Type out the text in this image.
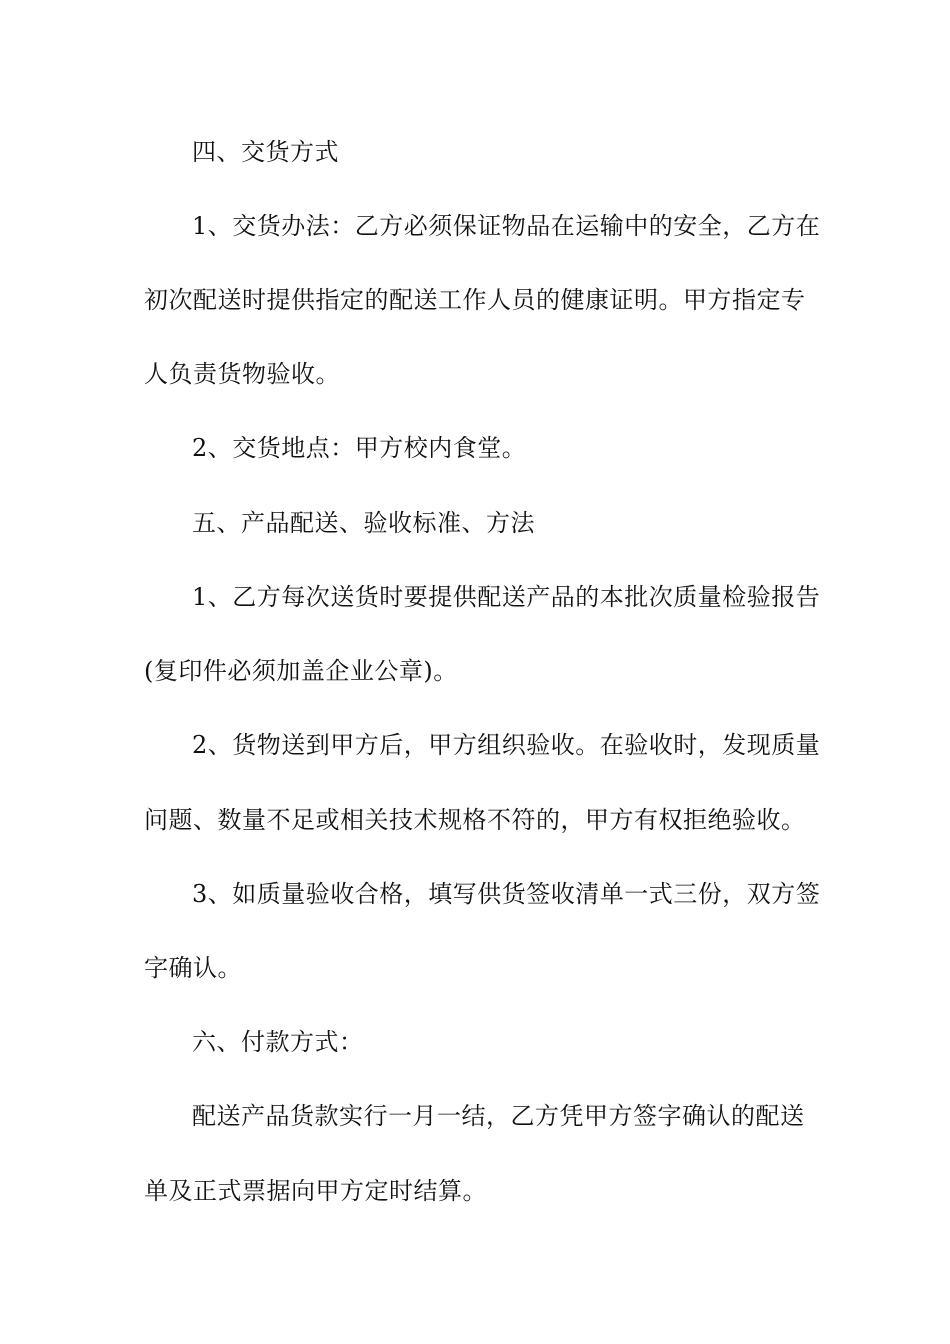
四、交货方式
1、交货办法：乙方必须保证物品在运输中的安全，乙方在
初次配送时提供指定的配送工作人员的健康证明。甲方指定专
人负责货物验收。
2、交货地点：甲方校内食堂。
五、产品配送、验收标准、方法
1、乙方每次送货时要提供配送产品的本批次质量检验报告
(复印件必须加盖企业公章)。
2、货物送到甲方后，甲方组织验收。在验收时，发现质量
问题、数量不足或相关技术规格不符的，甲方有权拒绝验收。
3、如质量验收合格，填写供货签收清单一式三份，双方签
字确认。
六、付款方式：
配送产品货款实行一月一结，乙方凭甲方签字确认的配送
单及正式票据向甲方定时结算。
